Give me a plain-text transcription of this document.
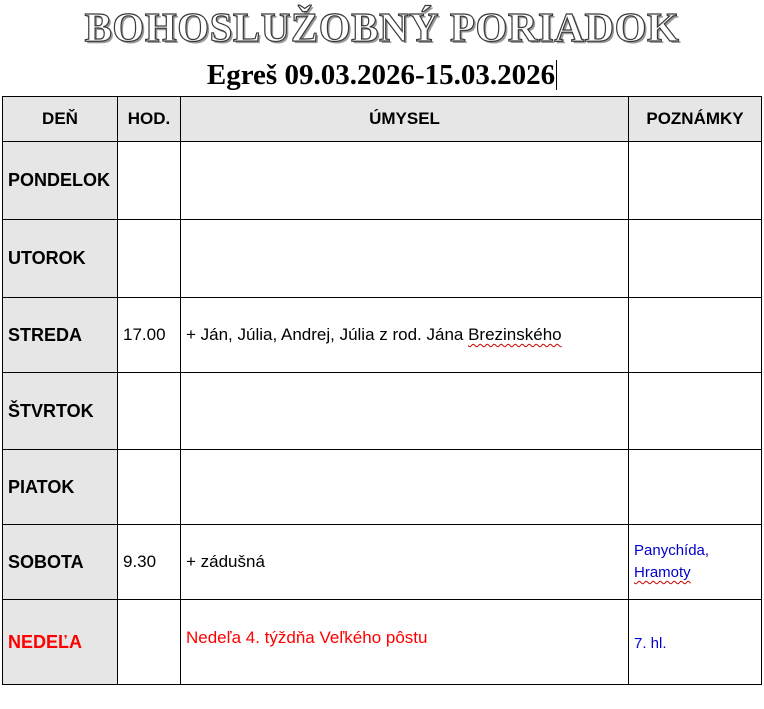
BOHOSLUŽOBNÝ PORIADOK
Egreš 09.03.2026-15.03.2026
DEŇ	HOD.	ÚMYSEL	POZNÁMKY
PONDELOK			
UTOROK			
STREDA	17.00	+ Ján, Júlia, Andrej, Júlia z rod. Jána Brezinského	
ŠTVRTOK			
PIATOK			
SOBOTA	9.30	+ zádušná	Panychída,
Hramoty
NEDEĽA		Nedeľa 4. týždňa Veľkého pôstu	7. hl.
